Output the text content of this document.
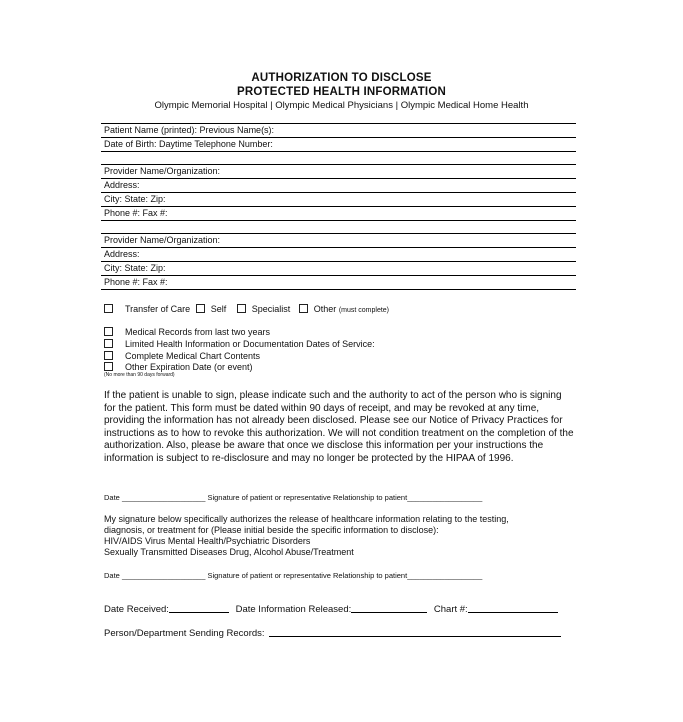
AUTHORIZATION TO DISCLOSE
PROTECTED HEALTH INFORMATION
Olympic Memorial Hospital | Olympic Medical Physicians | Olympic Medical Home Health
Patient Name (printed): Previous Name(s):
Date of Birth: Daytime Telephone Number:
Provider Name/Organization:
Address:
City: State: Zip:
Phone #: Fax #:
Provider Name/Organization:
Address:
City: State: Zip:
Phone #: Fax #:
Transfer of Care Self	Specialist	Other (must complete)
Medical Records from last two years
Limited Health Information or Documentation Dates of Service:
Complete Medical Chart Contents
Other Expiration Date (or event)
(No more than 90 days forward)
If the patient is unable to sign, please indicate such and the authority to act of the person who is signing for the patient. This form must be dated within 90 days of receipt, and may be revoked at any time, providing the information has not already been disclosed. Please see our Notice of Privacy Practices for instructions as to how to revoke this authorization. We will not condition treatment on the completion of the authorization. Also, please be aware that once we disclose this information per your instructions the information is subject to re-disclosure and may no longer be protected by the HIPAA of 1996.
Date ____________________ Signature of patient or representative Relationship to patient__________________
My signature below specifically authorizes the release of healthcare information relating to the testing,
diagnosis, or treatment for (Please initial beside the specific information to disclose):
HIV/AIDS Virus Mental Health/Psychiatric Disorders
Sexually Transmitted Diseases Drug, Alcohol Abuse/Treatment
Date ____________________ Signature of patient or representative Relationship to patient__________________
Date Received:	Date Information Released:	Chart #:
Person/Department Sending Records:
